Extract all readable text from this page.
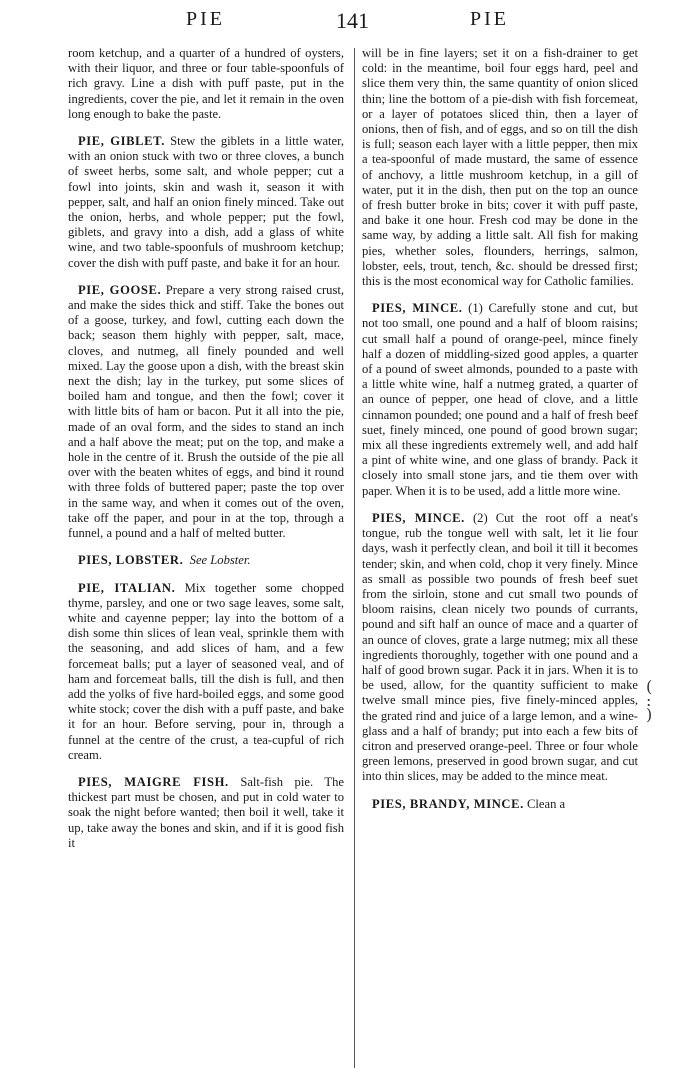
PIE	141	PIE

room ketchup, and a quarter of a hundred of oysters, with their liquor, and three or four table-spoonfuls of rich gravy. Line a dish with puff paste, put in the ingredients, cover the pie, and let it remain in the oven long enough to bake the paste.

PIE, GIBLET. Stew the giblets in a little water, with an onion stuck with two or three cloves, a bunch of sweet herbs, some salt, and whole pepper; cut a fowl into joints, skin and wash it, season it with pepper, salt, and half an onion finely minced. Take out the onion, herbs, and whole pepper; put the fowl, giblets, and gravy into a dish, add a glass of white wine, and two table-spoonfuls of mushroom ketchup; cover the dish with puff paste, and bake it for an hour.

PIE, GOOSE. Prepare a very strong raised crust, and make the sides thick and stiff. Take the bones out of a goose, turkey, and fowl, cutting each down the back; season them highly with pepper, salt, mace, cloves, and nutmeg, all finely pounded and well mixed. Lay the goose upon a dish, with the breast skin next the dish; lay in the turkey, put some slices of boiled ham and tongue, and then the fowl; cover it with little bits of ham or bacon. Put it all into the pie, made of an oval form, and the sides to stand an inch and a half above the meat; put on the top, and make a hole in the centre of it. Brush the outside of the pie all over with the beaten whites of eggs, and bind it round with three folds of buttered paper; paste the top over in the same way, and when it comes out of the oven, take off the paper, and pour in at the top, through a funnel, a pound and a half of melted butter.

PIES, LOBSTER. See Lobster.

PIE, ITALIAN. Mix together some chopped thyme, parsley, and one or two sage leaves, some salt, white and cayenne pepper; lay into the bottom of a dish some thin slices of lean veal, sprinkle them with the seasoning, and add slices of ham, and a few forcemeat balls; put a layer of seasoned veal, and of ham and forcemeat balls, till the dish is full, and then add the yolks of five hard-boiled eggs, and some good white stock; cover the dish with a puff paste, and bake it for an hour. Before serving, pour in, through a funnel at the centre of the crust, a tea-cupful of rich cream.

PIES, MAIGRE FISH. Salt-fish pie. The thickest part must be chosen, and put in cold water to soak the night before wanted; then boil it well, take it up, take away the bones and skin, and if it is good fish it

will be in fine layers; set it on a fish-drainer to get cold: in the meantime, boil four eggs hard, peel and slice them very thin, the same quantity of onion sliced thin; line the bottom of a pie-dish with fish forcemeat, or a layer of potatoes sliced thin, then a layer of onions, then of fish, and of eggs, and so on till the dish is full; season each layer with a little pepper, then mix a tea-spoonful of made mustard, the same of essence of anchovy, a little mushroom ketchup, in a gill of water, put it in the dish, then put on the top an ounce of fresh butter broke in bits; cover it with puff paste, and bake it one hour. Fresh cod may be done in the same way, by adding a little salt. All fish for making pies, whether soles, flounders, herrings, salmon, lobster, eels, trout, tench, &c. should be dressed first; this is the most economical way for Catholic families.

PIES, MINCE. (1) Carefully stone and cut, but not too small, one pound and a half of bloom raisins; cut small half a pound of orange-peel, mince finely half a dozen of middling-sized good apples, a quarter of a pound of sweet almonds, pounded to a paste with a little white wine, half a nutmeg grated, a quarter of an ounce of pepper, one head of clove, and a little cinnamon pounded; one pound and a half of fresh beef suet, finely minced, one pound of good brown sugar; mix all these ingredients extremely well, and add half a pint of white wine, and one glass of brandy. Pack it closely into small stone jars, and tie them over with paper. When it is to be used, add a little more wine.

PIES, MINCE. (2) Cut the root off a neat's tongue, rub the tongue well with salt, let it lie four days, wash it perfectly clean, and boil it till it becomes tender; skin, and when cold, chop it very finely. Mince as small as possible two pounds of fresh beef suet from the sirloin, stone and cut small two pounds of bloom raisins, clean nicely two pounds of currants, pound and sift half an ounce of mace and a quarter of an ounce of cloves, grate a large nutmeg; mix all these ingredients thoroughly, together with one pound and a half of good brown sugar. Pack it in jars. When it is to be used, allow, for the quantity sufficient to make twelve small mince pies, five finely-minced apples, the grated rind and juice of a large lemon, and a wine-glass and a half of brandy; put into each a few bits of citron and preserved orange-peel. Three or four whole green lemons, preserved in good brown sugar, and cut into thin slices, may be added to the mince meat.

PIES, BRANDY, MINCE. Clean a

(
:
)
